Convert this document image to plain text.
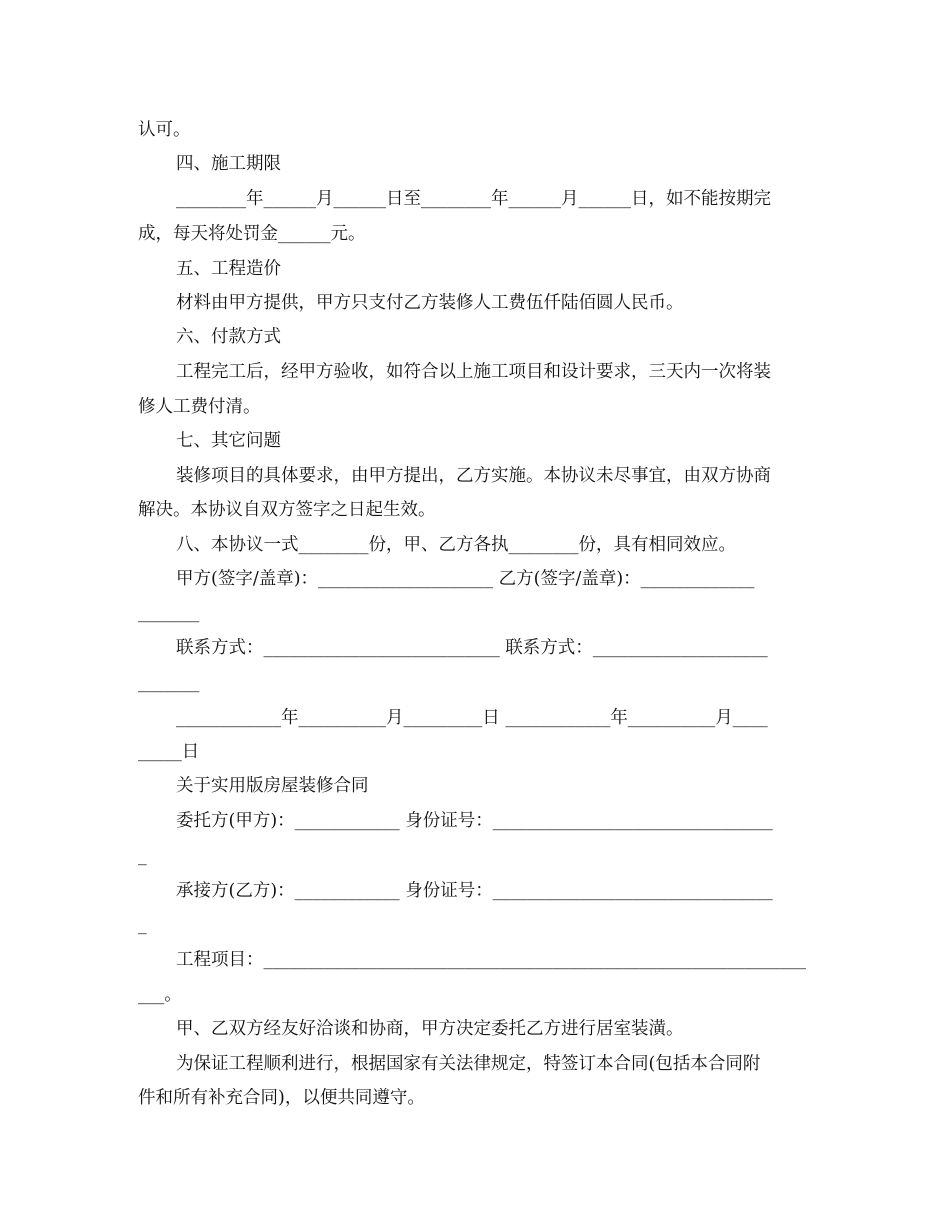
认可。

四、施工期限

________年______月______日至________年______月______日，如不能按期完

成，每天将处罚金______元。

五、工程造价

材料由甲方提供，甲方只支付乙方装修人工费伍仟陆佰圆人民币。

六、付款方式

工程完工后，经甲方验收，如符合以上施工项目和设计要求，三天内一次将装

修人工费付清。

七、其它问题

装修项目的具体要求，由甲方提出，乙方实施。本协议未尽事宜，由双方协商

解决。本协议自双方签字之日起生效。

八、本协议一式________份，甲、乙方各执________份，具有相同效应。

甲方(签字/盖章)：____________________ 乙方(签字/盖章)：_____________

_______

联系方式：___________________________ 联系方式：____________________

_______

____________年__________月_________日 ____________年__________月____

_____日

关于实用版房屋装修合同

委托方(甲方)：____________ 身份证号：________________________________

_

承接方(乙方)：____________ 身份证号：________________________________

_

工程项目：______________________________________________________________

___。

甲、乙双方经友好洽谈和协商，甲方决定委托乙方进行居室装潢。

为保证工程顺利进行，根据国家有关法律规定，特签订本合同(包括本合同附

件和所有补充合同)，以便共同遵守。
